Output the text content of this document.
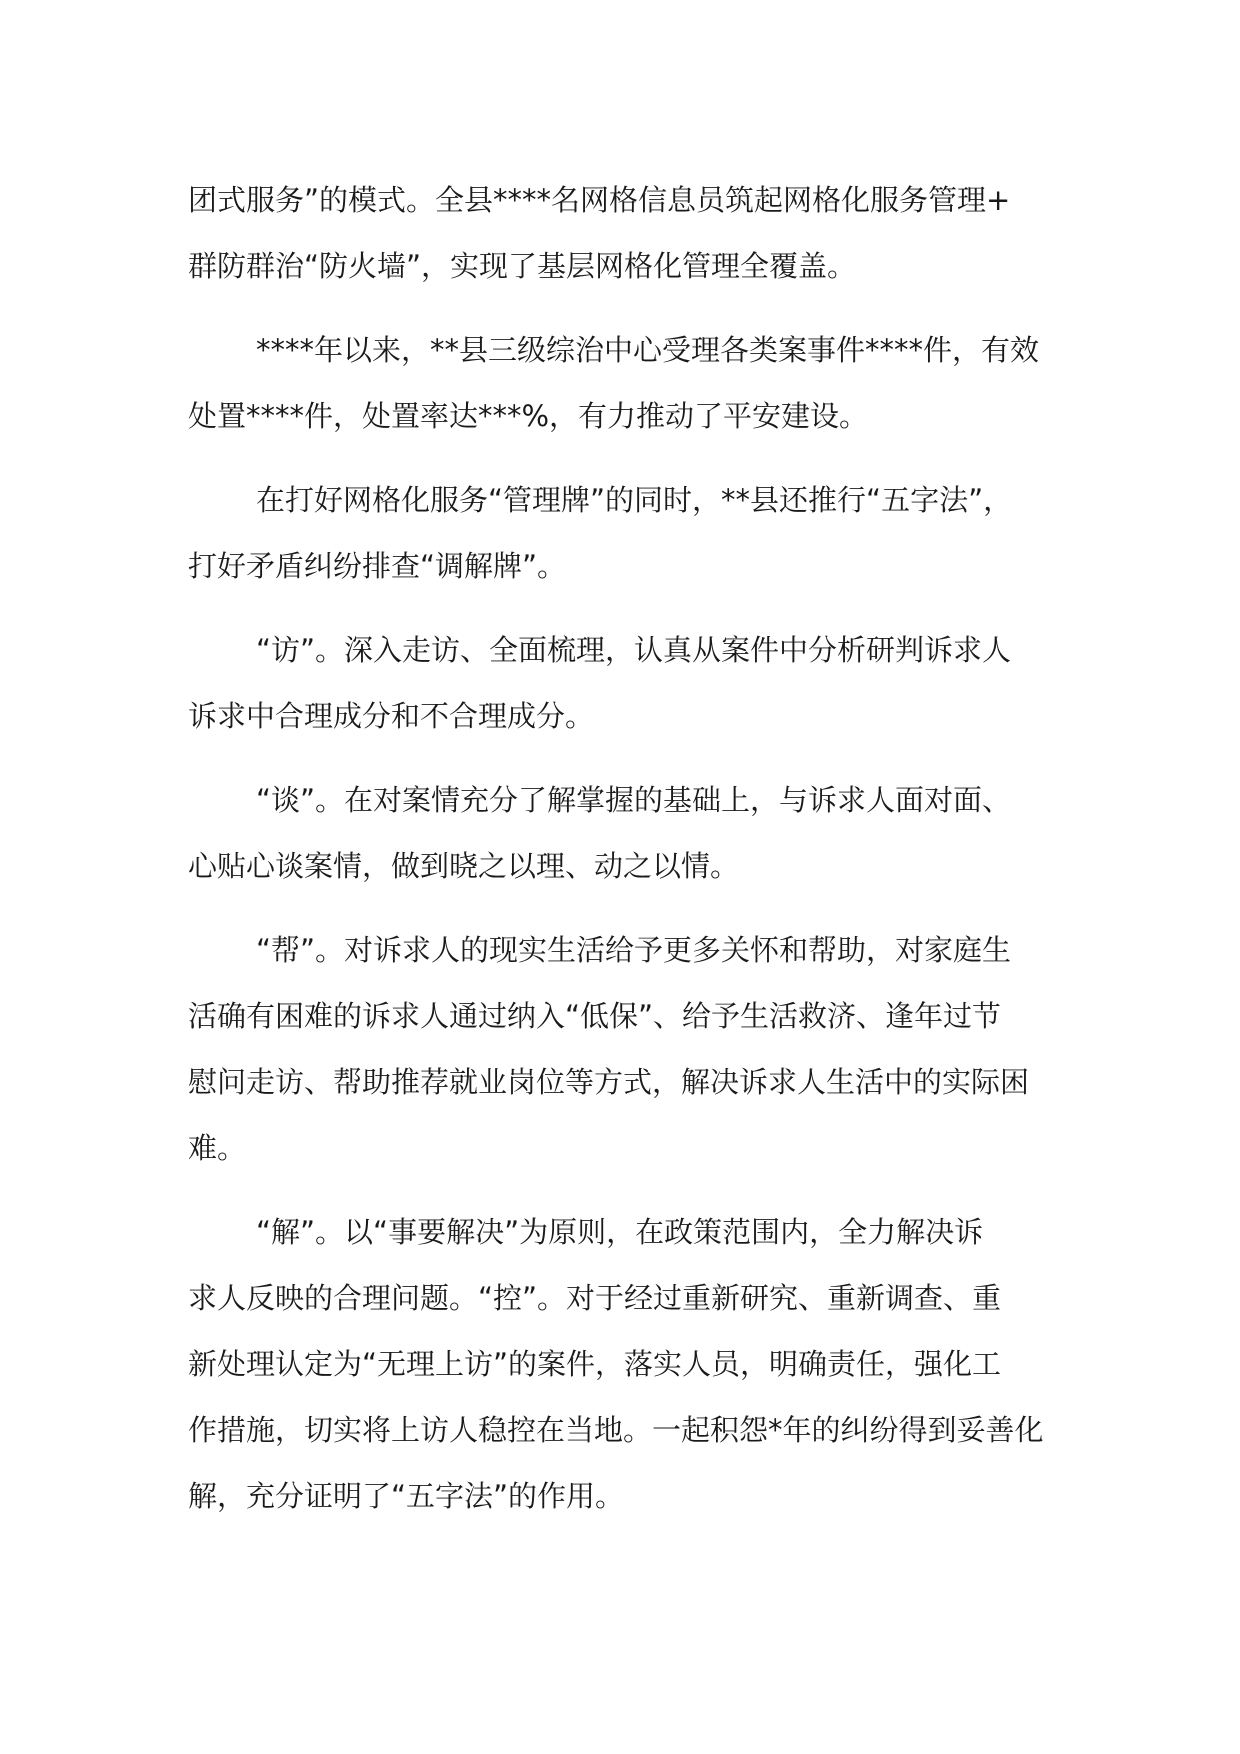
团式服务”的模式。全县****名网格信息员筑起网格化服务管理+
群防群治“防火墙”，实现了基层网格化管理全覆盖。

****年以来，**县三级综治中心受理各类案事件****件，有效
处置****件，处置率达***%，有力推动了平安建设。

在打好网格化服务“管理牌”的同时，**县还推行“五字法”，
打好矛盾纠纷排查“调解牌”。

“访”。深入走访、全面梳理，认真从案件中分析研判诉求人
诉求中合理成分和不合理成分。

“谈”。在对案情充分了解掌握的基础上，与诉求人面对面、
心贴心谈案情，做到晓之以理、动之以情。

“帮”。对诉求人的现实生活给予更多关怀和帮助，对家庭生
活确有困难的诉求人通过纳入“低保”、给予生活救济、逢年过节
慰问走访、帮助推荐就业岗位等方式，解决诉求人生活中的实际困
难。

“解”。以“事要解决”为原则，在政策范围内，全力解决诉
求人反映的合理问题。“控”。对于经过重新研究、重新调查、重
新处理认定为“无理上访”的案件，落实人员，明确责任，强化工
作措施，切实将上访人稳控在当地。一起积怨*年的纠纷得到妥善化
解，充分证明了“五字法”的作用。
